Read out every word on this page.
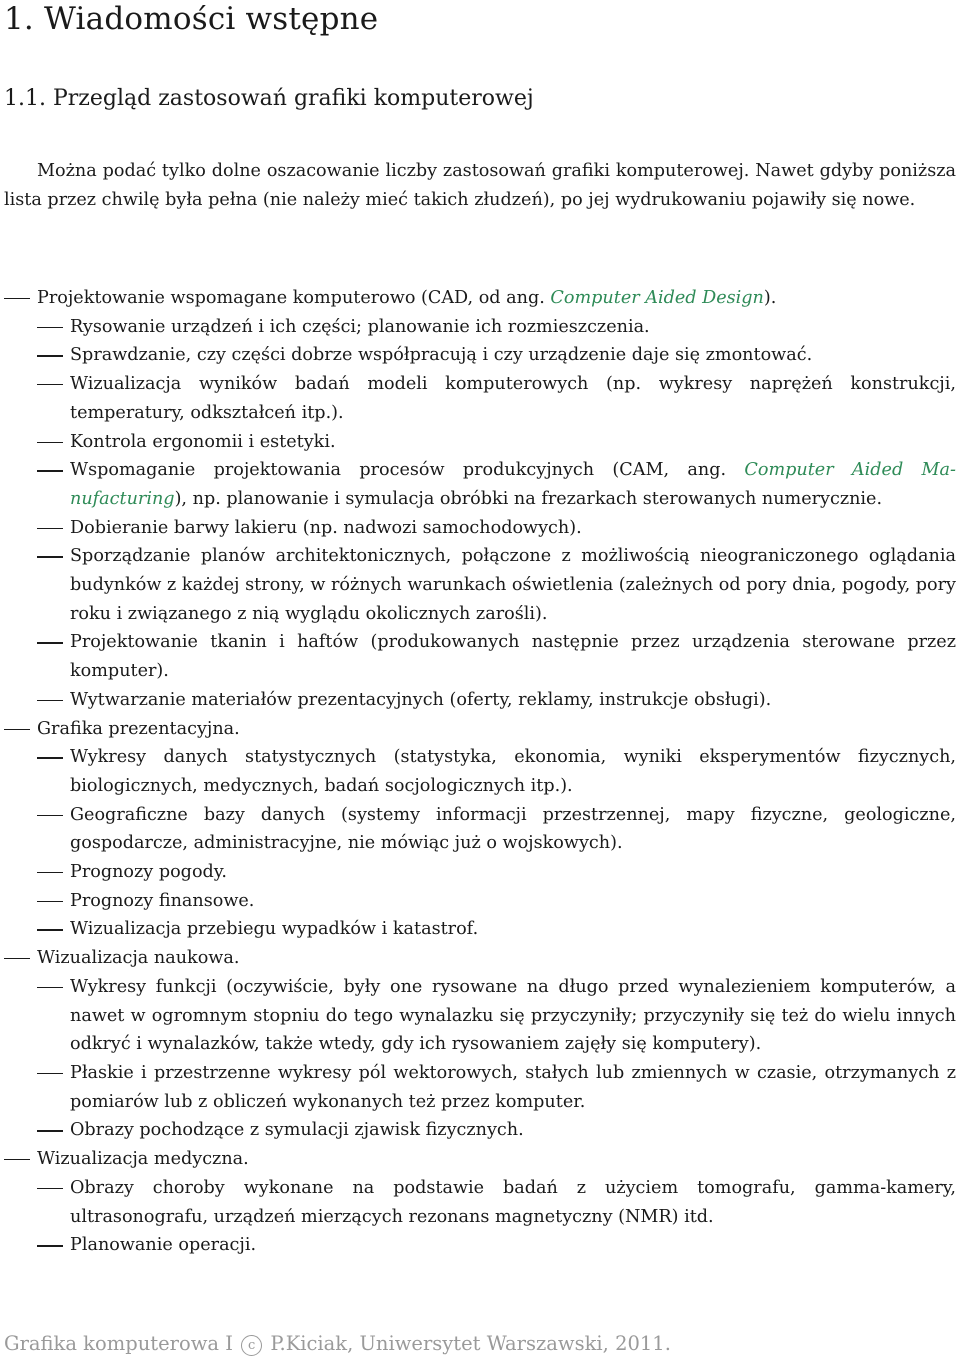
1. Wiadomości wstępne
1.1. Przegląd zastosowań grafiki komputerowej

Można podać tylko dolne oszacowanie liczby zastosowań grafiki komputerowej. Nawet gdyby poniższa lista przez chwilę była pełna (nie należy mieć takich złudzeń), po jej wydrukowaniu pojawiły się nowe.

Projektowanie wspomagane komputerowo (CAD, od ang. Computer Aided Design).
Rysowanie urządzeń i ich części; planowanie ich rozmieszczenia.
Sprawdzanie, czy części dobrze współpracują i czy urządzenie daje się zmontować.
Wizualizacja wyników badań modeli komputerowych (np. wykresy naprężeń konstrukcji, temperatury, odkształceń itp.).
Kontrola ergonomii i estetyki.
Wspomaganie projektowania procesów produkcyjnych (CAM, ang. Computer Aided Manufacturing), np. planowanie i symulacja obróbki na frezarkach sterowanych numerycznie.
Dobieranie barwy lakieru (np. nadwozi samochodowych).
Sporządzanie planów architektonicznych, połączone z możliwością nieograniczonego oglądania budynków z każdej strony, w różnych warunkach oświetlenia (zależnych od pory dnia, pogody, pory roku i związanego z nią wyglądu okolicznych zarośli).
Projektowanie tkanin i haftów (produkowanych następnie przez urządzenia sterowane przez komputer).
Wytwarzanie materiałów prezentacyjnych (oferty, reklamy, instrukcje obsługi).
Grafika prezentacyjna.
Wykresy danych statystycznych (statystyka, ekonomia, wyniki eksperymentów fizycznych, biologicznych, medycznych, badań socjologicznych itp.).
Geograficzne bazy danych (systemy informacji przestrzennej, mapy fizyczne, geologiczne, gospodarcze, administracyjne, nie mówiąc już o wojskowych).
Prognozy pogody.
Prognozy finansowe.
Wizualizacja przebiegu wypadków i katastrof.
Wizualizacja naukowa.
Wykresy funkcji (oczywiście, były one rysowane na długo przed wynalezieniem komputerów, a nawet w ogromnym stopniu do tego wynalazku się przyczyniły; przyczyniły się też do wielu innych odkryć i wynalazków, także wtedy, gdy ich rysowaniem zajęły się komputery).
Płaskie i przestrzenne wykresy pól wektorowych, stałych lub zmiennych w czasie, otrzymanych z pomiarów lub z obliczeń wykonanych też przez komputer.
Obrazy pochodzące z symulacji zjawisk fizycznych.
Wizualizacja medyczna.
Obrazy choroby wykonane na podstawie badań z użyciem tomografu, gamma-kamery, ultrasonografu, urządzeń mierzących rezonans magnetyczny (NMR) itd.
Planowanie operacji.
Grafika komputerowa I c P.Kiciak, Uniwersytet Warszawski, 2011.
